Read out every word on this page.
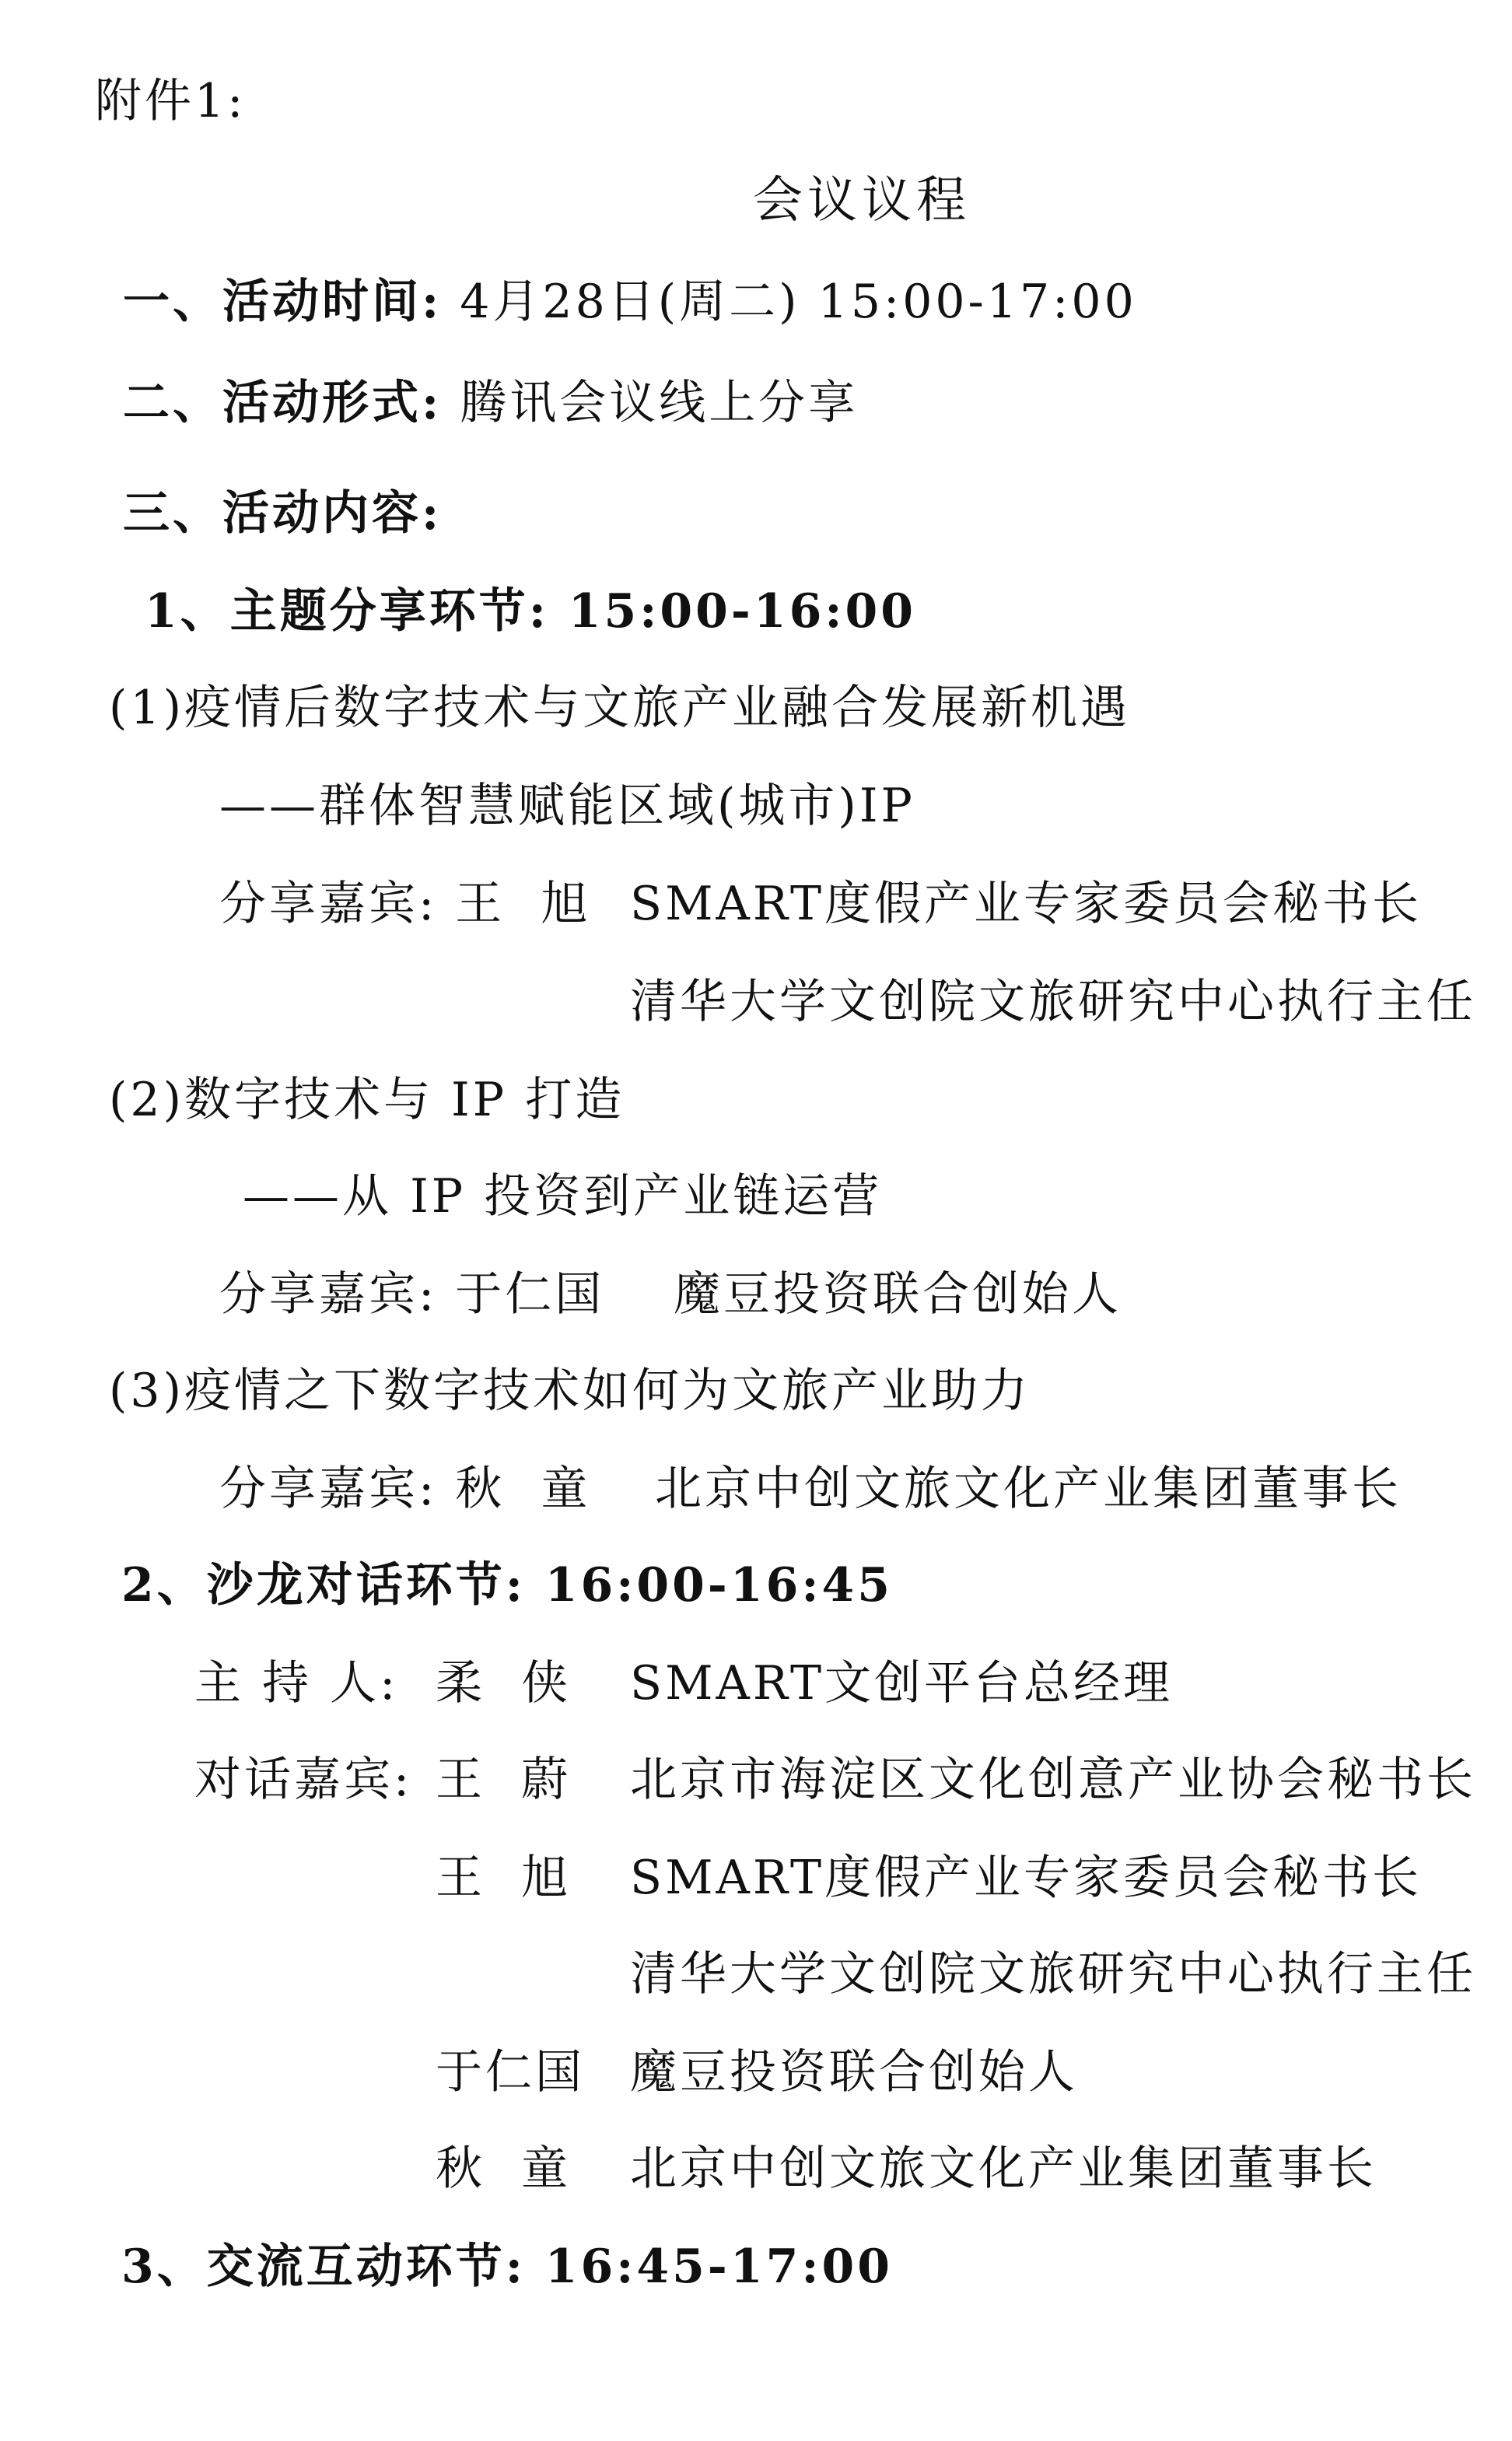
附件1:
会议议程
一、活动时间: 4月28日(周二) 15:00-17:00
二、活动形式: 腾讯会议线上分享
三、活动内容:
1、主题分享环节: 15:00-16:00
(1)疫情后数字技术与文旅产业融合发展新机遇
——群体智慧赋能区域(城市)IP
分享嘉宾: 王  旭 SMART度假产业专家委员会秘书长
清华大学文创院文旅研究中心执行主任
(2)数字技术与 IP 打造
——从 IP 投资到产业链运营
分享嘉宾: 于仁国 魔豆投资联合创始人
(3)疫情之下数字技术如何为文旅产业助力
分享嘉宾: 秋  童 北京中创文旅文化产业集团董事长
2、沙龙对话环节: 16:00-16:45
主 持 人: 柔  侠 SMART文创平台总经理
对话嘉宾: 王  蔚 北京市海淀区文化创意产业协会秘书长
王  旭 SMART度假产业专家委员会秘书长
清华大学文创院文旅研究中心执行主任
于仁国 魔豆投资联合创始人
秋  童 北京中创文旅文化产业集团董事长
3、交流互动环节: 16:45-17:00
